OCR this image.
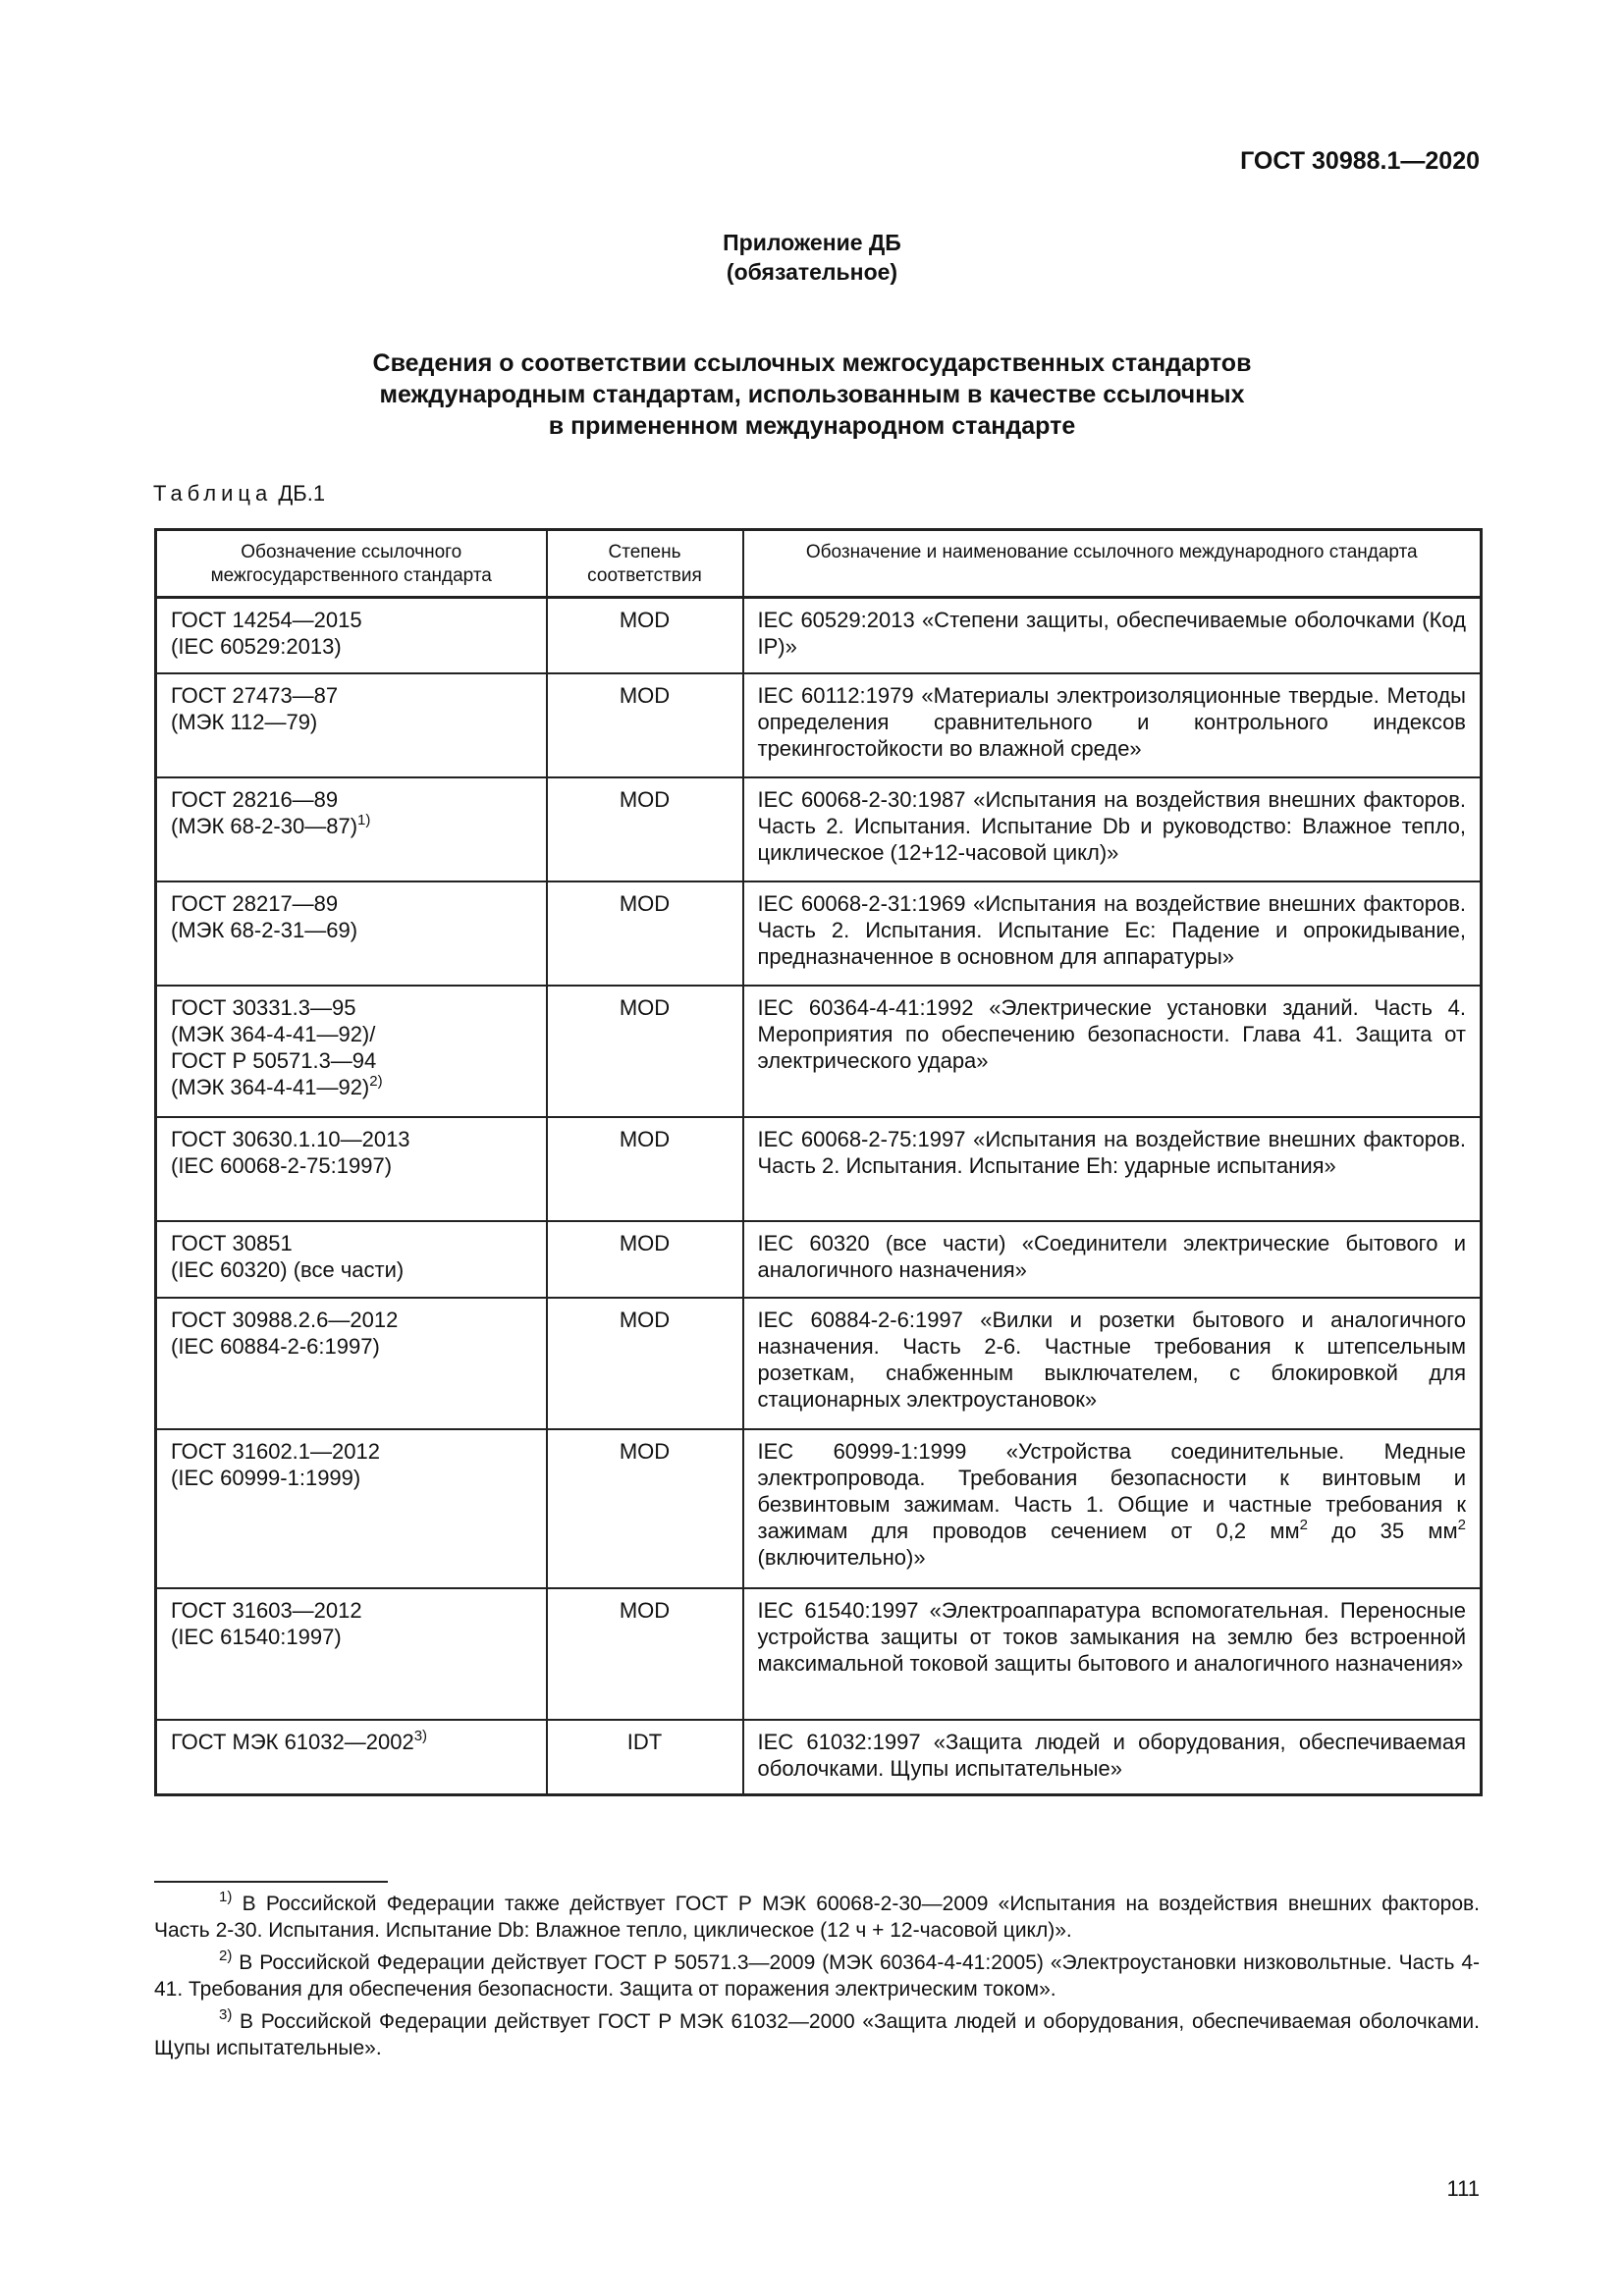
ГОСТ 30988.1—2020
Приложение ДБ
(обязательное)
Сведения о соответствии ссылочных межгосударственных стандартов
международным стандартам, использованным в качестве ссылочных
в примененном международном стандарте
Таблица ДБ.1
Обозначение ссылочного межгосударственного стандарта	Степень соответствия	Обозначение и наименование ссылочного международного стандарта

ГОСТ 14254—2015
(IEC 60529:2013)	MOD	IEC 60529:2013 «Степени защиты, обеспечиваемые оболочками (Код IP)»

ГОСТ 27473—87
(МЭК 112—79)	MOD	IEC 60112:1979 «Материалы электроизоляционные твердые. Методы определения сравнительного и контрольного индексов трекингостойкости во влажной среде»

ГОСТ 28216—89
(МЭК 68-2-30—87)$^{1)}$	MOD	IEC 60068-2-30:1987 «Испытания на воздействия внешних факторов. Часть 2. Испытания. Испытание Db и руководство: Влажное тепло, циклическое (12+12-часовой цикл)»

ГОСТ 28217—89
(МЭК 68-2-31—69)	MOD	IEC 60068-2-31:1969 «Испытания на воздействие внешних факторов. Часть 2. Испытания. Испытание Ec: Падение и опрокидывание, предназначенное в основном для аппаратуры»

ГОСТ 30331.3—95
(МЭК 364-4-41—92)/
ГОСТ Р 50571.3—94
(МЭК 364-4-41—92)$^{2)}$	MOD	IEC 60364-4-41:1992 «Электрические установки зданий. Часть 4. Мероприятия по обеспечению безопасности. Глава 41. Защита от электрического удара»

ГОСТ 30630.1.10—2013
(IEC 60068-2-75:1997)	MOD	IEC 60068-2-75:1997 «Испытания на воздействие внешних факторов. Часть 2. Испытания. Испытание Eh: ударные испытания»

ГОСТ 30851
(IEC 60320) (все части)	MOD	IEC 60320 (все части) «Соединители электрические бытового и аналогичного назначения»

ГОСТ 30988.2.6—2012
(IEC 60884-2-6:1997)	MOD	IEC 60884-2-6:1997 «Вилки и розетки бытового и аналогичного назначения. Часть 2-6. Частные требования к штепсельным розеткам, снабженным выключателем, с блокировкой для стационарных электроустановок»

ГОСТ 31602.1—2012
(IEC 60999-1:1999)	MOD	IEC 60999-1:1999 «Устройства соединительные. Медные электропровода. Требования безопасности к винтовым и безвинтовым зажимам. Часть 1. Общие и частные требования к зажимам для проводов сечением от 0,2 $мм^2$ до 35 $мм^2$ (включительно)»

ГОСТ 31603—2012
(IEC 61540:1997)	MOD	IEC 61540:1997 «Электроаппаратура вспомогательная. Переносные устройства защиты от токов замыкания на землю без встроенной максимальной токовой защиты бытового и аналогичного назначения»

ГОСТ МЭК 61032—2002$^{3)}$	IDT	IEC 61032:1997 «Защита людей и оборудования, обеспечиваемая оболочками. Щупы испытательные»

$^{1)}$ В Российской Федерации также действует ГОСТ Р МЭК 60068-2-30—2009 «Испытания на воздействия внешних факторов. Часть 2-30. Испытания. Испытание Db: Влажное тепло, циклическое (12 ч + 12-часовой цикл)».

$^{2)}$ В Российской Федерации действует ГОСТ Р 50571.3—2009 (МЭК 60364-4-41:2005) «Электроустановки низковольтные. Часть 4-41. Требования для обеспечения безопасности. Защита от поражения электрическим током».

$^{3)}$ В Российской Федерации действует ГОСТ Р МЭК 61032—2000 «Защита людей и оборудования, обеспечиваемая оболочками. Щупы испытательные».

111
